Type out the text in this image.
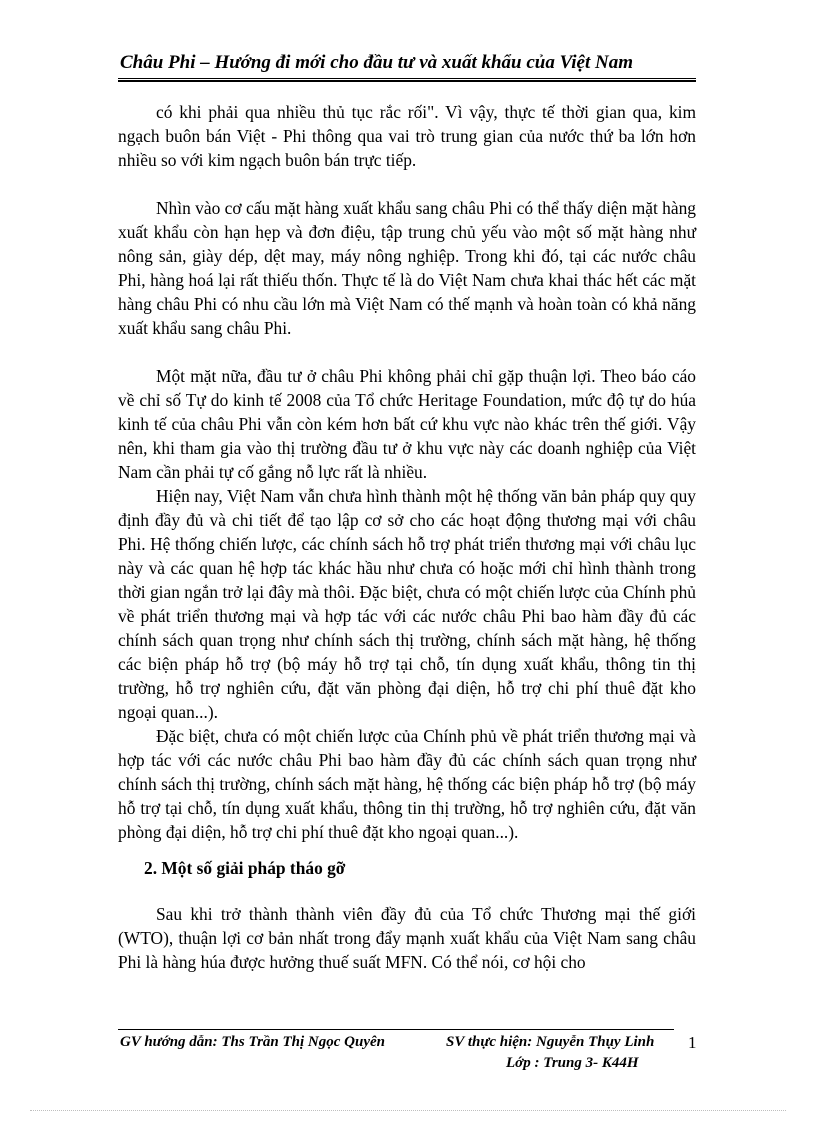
Châu Phi – Hướng đi mới cho đầu tư và xuất khẩu của Việt Nam

có khi phải qua nhiều thủ tục rắc rối". Vì vậy, thực tế thời gian qua, kim ngạch buôn bán Việt - Phi thông qua vai trò trung gian của nước thứ ba lớn hơn nhiều so với kim ngạch buôn bán trực tiếp.

Nhìn vào cơ cấu mặt hàng xuất khẩu sang châu Phi có thể thấy diện mặt hàng xuất khẩu còn hạn hẹp và đơn điệu, tập trung chủ yếu vào một số mặt hàng như nông sản, giày dép, dệt may, máy nông nghiệp. Trong khi đó, tại các nước châu Phi, hàng hoá lại rất thiếu thốn. Thực tế là do Việt Nam chưa khai thác hết các mặt hàng châu Phi có nhu cầu lớn mà Việt Nam có thế mạnh và hoàn toàn có khả năng xuất khẩu sang châu Phi.

Một mặt nữa, đầu tư ở châu Phi không phải chỉ gặp thuận lợi. Theo báo cáo về chỉ số Tự do kinh tế 2008 của Tổ chức Heritage Foundation, mức độ tự do húa kinh tế của châu Phi vẫn còn kém hơn bất cứ khu vực nào khác trên thế giới. Vậy nên, khi tham gia vào thị trường đầu tư ở khu vực này các doanh nghiệp của Việt Nam cần phải tự cố gắng nỗ lực rất là nhiều.

Hiện nay, Việt Nam vẫn chưa hình thành một hệ thống văn bản pháp quy quy định đầy đủ và chi tiết để tạo lập cơ sở cho các hoạt động thương mại với châu Phi. Hệ thống chiến lược, các chính sách hỗ trợ phát triển thương mại với châu lục này và các quan hệ hợp tác khác hầu như chưa có hoặc mới chỉ hình thành trong thời gian ngắn trở lại đây mà thôi. Đặc biệt, chưa có một chiến lược của Chính phủ về phát triển thương mại và hợp tác với các nước châu Phi bao hàm đầy đủ các chính sách quan trọng như chính sách thị trường, chính sách mặt hàng, hệ thống các biện pháp hỗ trợ (bộ máy hỗ trợ tại chỗ, tín dụng xuất khẩu, thông tin thị trường, hỗ trợ nghiên cứu, đặt văn phòng đại diện, hỗ trợ chi phí thuê đặt kho ngoại quan...).

Đặc biệt, chưa có một chiến lược của Chính phủ về phát triển thương mại và hợp tác với các nước châu Phi bao hàm đầy đủ các chính sách quan trọng như chính sách thị trường, chính sách mặt hàng, hệ thống các biện pháp hỗ trợ (bộ máy hỗ trợ tại chỗ, tín dụng xuất khẩu, thông tin thị trường, hỗ trợ nghiên cứu, đặt văn phòng đại diện, hỗ trợ chi phí thuê đặt kho ngoại quan...).

2. Một số giải pháp tháo gỡ

Sau khi trở thành thành viên đầy đủ của Tổ chức Thương mại thế giới (WTO), thuận lợi cơ bản nhất trong đẩy mạnh xuất khẩu của Việt Nam sang châu Phi là hàng húa được hưởng thuế suất MFN. Có thể nói, cơ hội cho

GV hướng dẫn: Ths Trần Thị Ngọc Quyên	SV thực hiện: Nguyễn Thụy Linh
Lớp : Trung 3- K44H
1
